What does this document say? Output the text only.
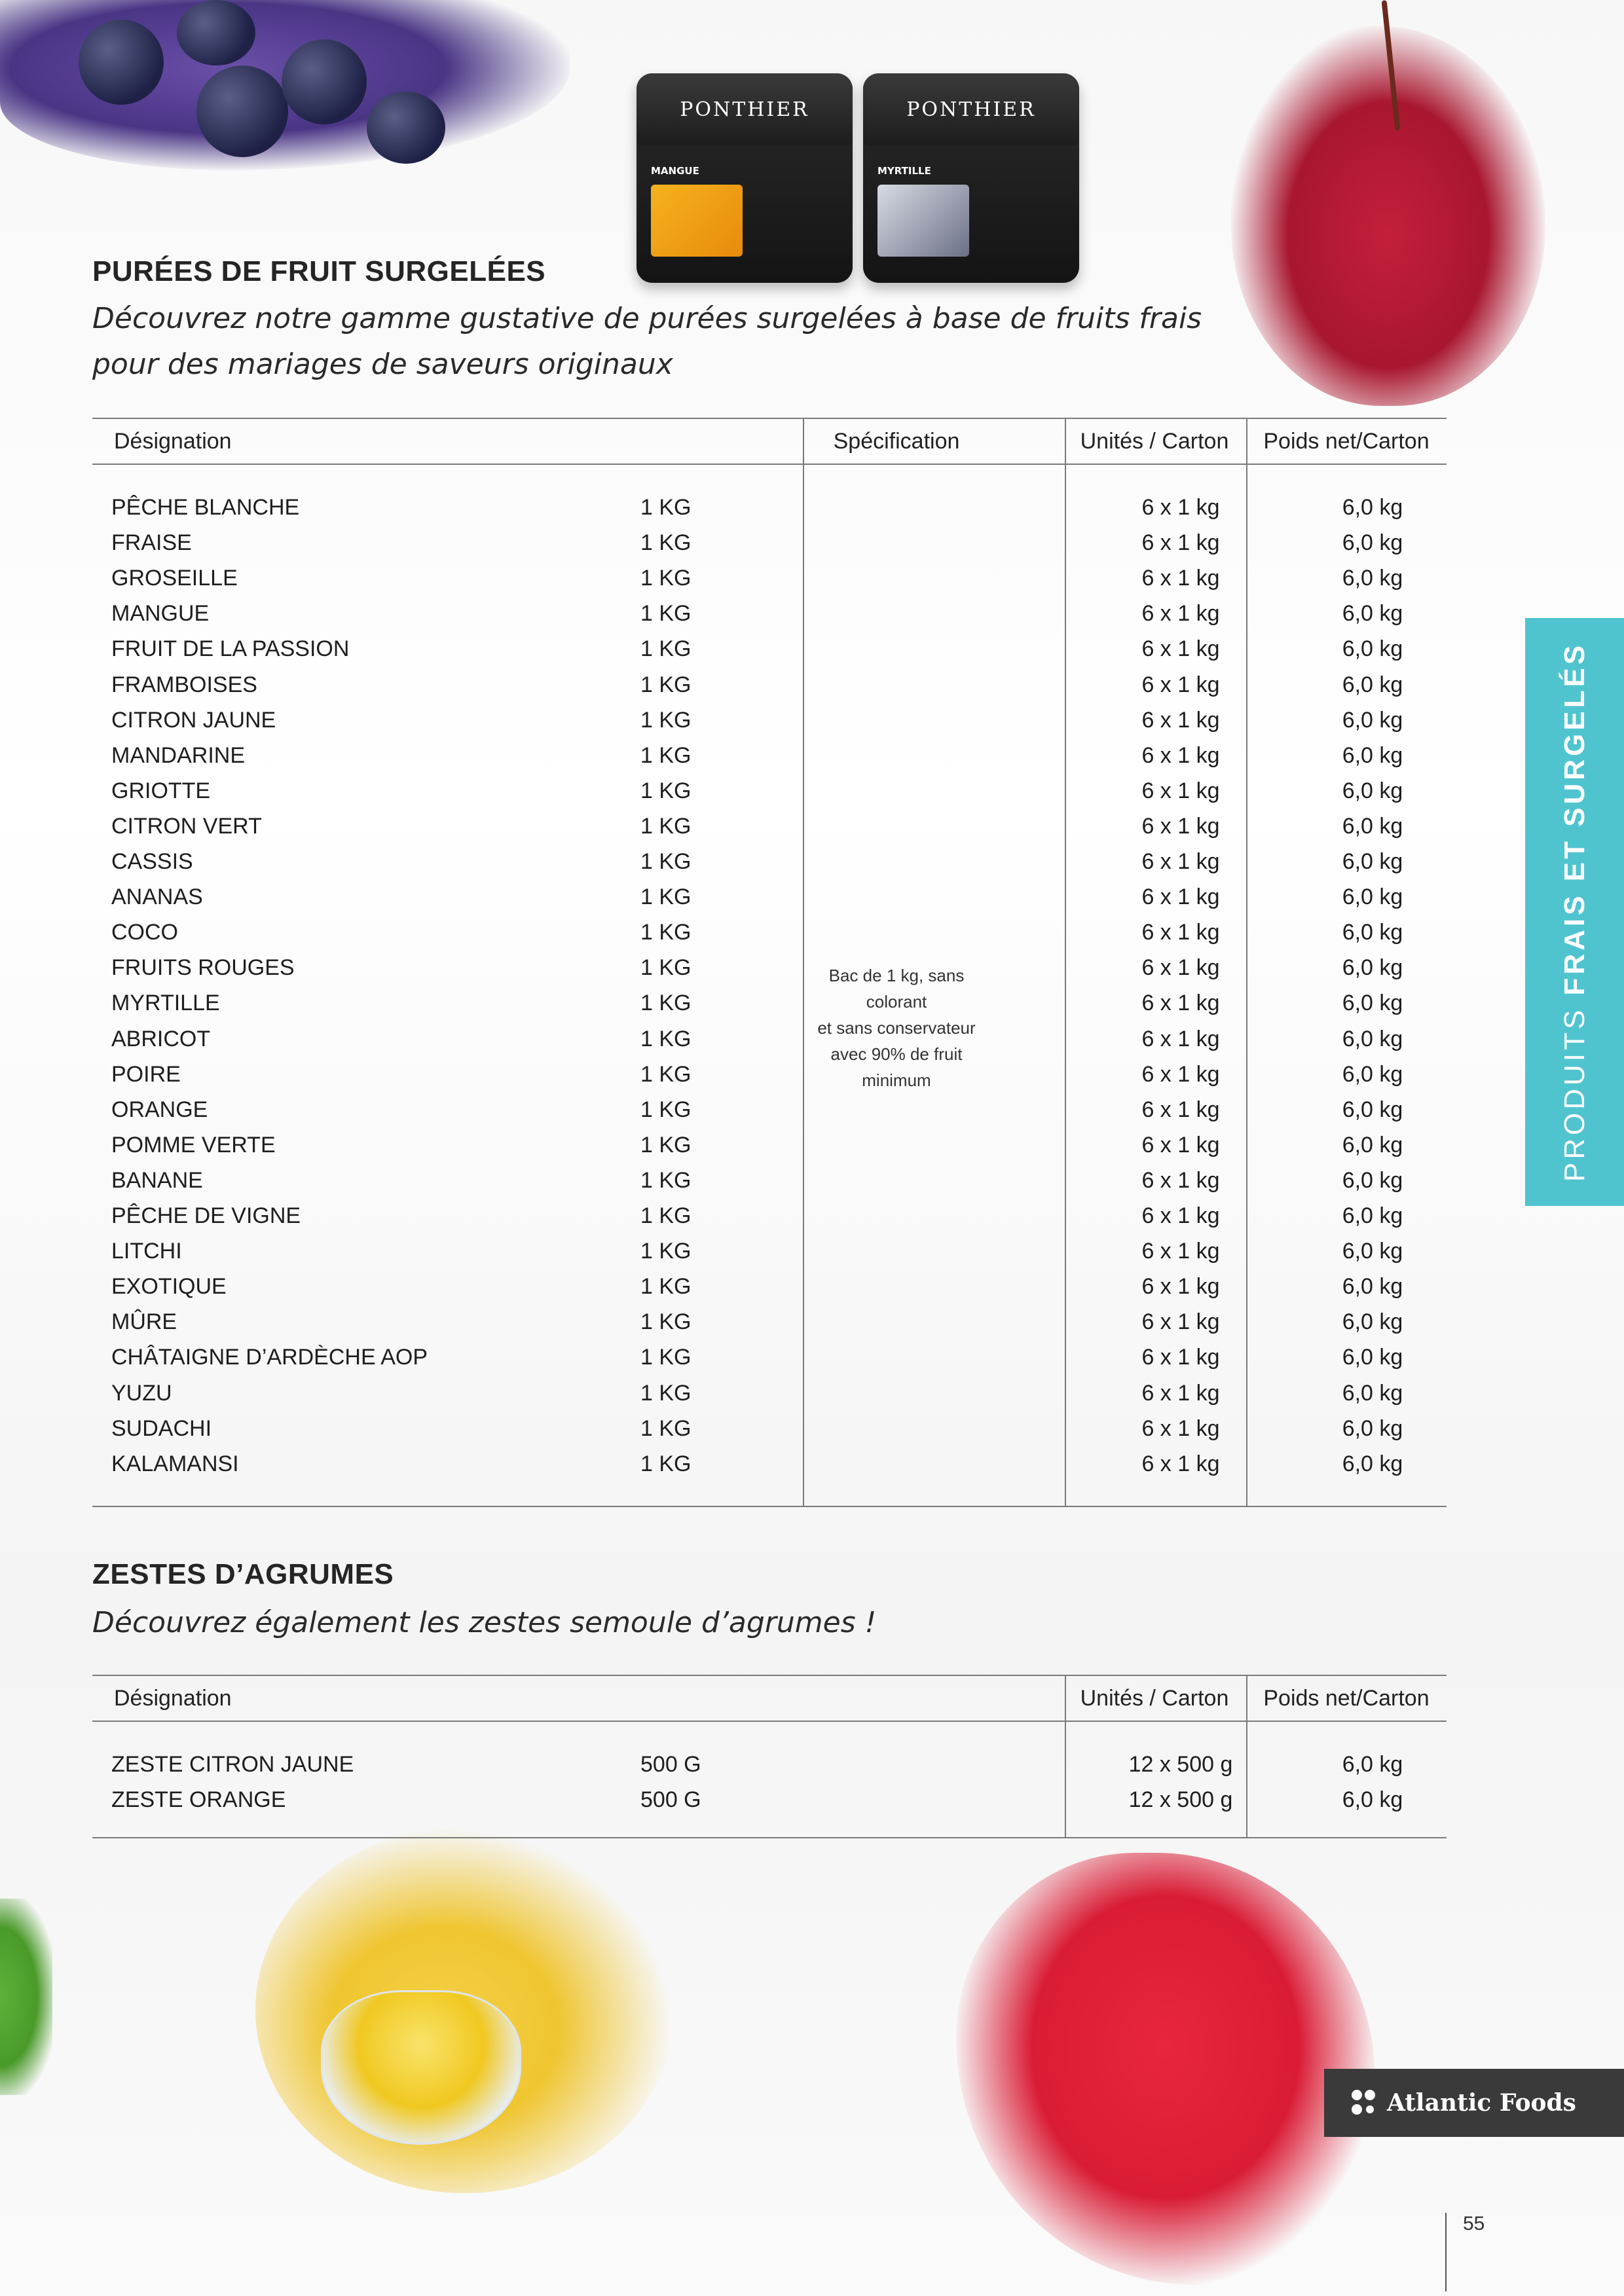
PONTHIER
MANGUE
PONTHIER
MYRTILLE
PURÉES DE FRUIT SURGELÉES
Découvrez notre gamme gustative de purées surgelées à base de fruits frais
pour des mariages de saveurs originaux
Désignation	Spécification	Unités / Carton	Poids net/Carton
PÊCHE BLANCHE	1 KG	6 x 1 kg	6,0 kg
FRAISE	1 KG	6 x 1 kg	6,0 kg
GROSEILLE	1 KG	6 x 1 kg	6,0 kg
MANGUE	1 KG	6 x 1 kg	6,0 kg
FRUIT DE LA PASSION	1 KG	6 x 1 kg	6,0 kg
FRAMBOISES	1 KG	6 x 1 kg	6,0 kg
CITRON JAUNE	1 KG	6 x 1 kg	6,0 kg
MANDARINE	1 KG	6 x 1 kg	6,0 kg
GRIOTTE	1 KG	6 x 1 kg	6,0 kg
CITRON VERT	1 KG	6 x 1 kg	6,0 kg
CASSIS	1 KG	6 x 1 kg	6,0 kg
ANANAS	1 KG	6 x 1 kg	6,0 kg
COCO	1 KG	6 x 1 kg	6,0 kg
FRUITS ROUGES	1 KG	6 x 1 kg	6,0 kg
MYRTILLE	1 KG	6 x 1 kg	6,0 kg
ABRICOT	1 KG	6 x 1 kg	6,0 kg
POIRE	1 KG	6 x 1 kg	6,0 kg
ORANGE	1 KG	6 x 1 kg	6,0 kg
POMME VERTE	1 KG	6 x 1 kg	6,0 kg
BANANE	1 KG	6 x 1 kg	6,0 kg
PÊCHE DE VIGNE	1 KG	6 x 1 kg	6,0 kg
LITCHI	1 KG	6 x 1 kg	6,0 kg
EXOTIQUE	1 KG	6 x 1 kg	6,0 kg
MÛRE	1 KG	6 x 1 kg	6,0 kg
CHÂTAIGNE D’ARDÈCHE AOP	1 KG	6 x 1 kg	6,0 kg
YUZU	1 KG	6 x 1 kg	6,0 kg
SUDACHI	1 KG	6 x 1 kg	6,0 kg
KALAMANSI	1 KG	6 x 1 kg	6,0 kg
Bac de 1 kg, sans colorant
et sans conservateur
avec 90% de fruit minimum
ZESTES D’AGRUMES
Découvrez également les zestes semoule d’agrumes !
Désignation	Unités / Carton	Poids net/Carton
ZESTE CITRON JAUNE	500 G	12 x 500 g	6,0 kg
ZESTE ORANGE	500 G	12 x 500 g	6,0 kg
PRODUITS FRAIS ET SURGELÉS
Atlantic Foods
55
